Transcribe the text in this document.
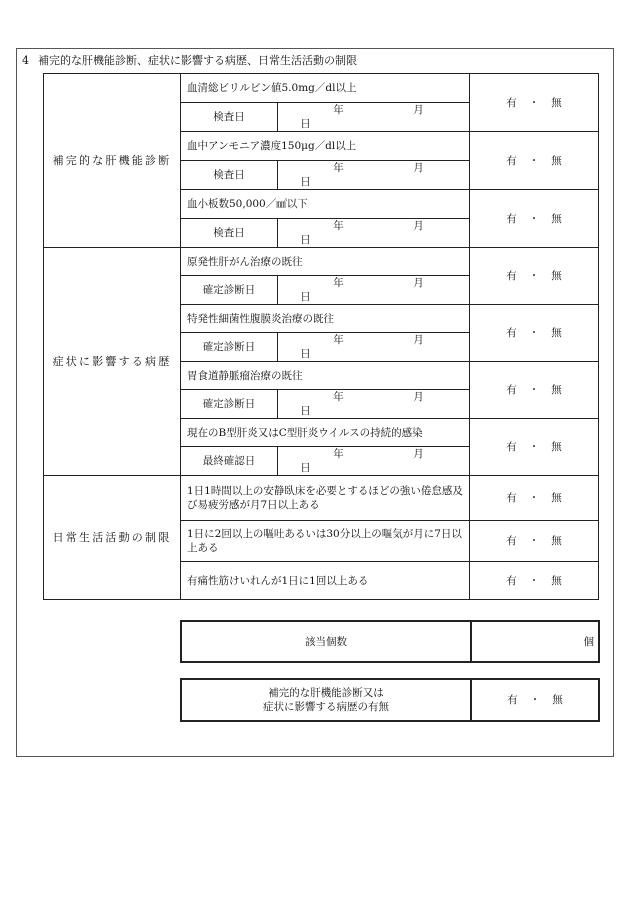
4 補完的な肝機能診断、症状に影響する病歴、日常生活活動の制限
補完的な肝機能診断	血清総ビリルビン値5.0mg／dl以上		有 ・ 無
	検査日	年 月日	
	血中アンモニア濃度150μg／dl以上		有 ・ 無
	検査日	年 月日	
	血小板数50,000／㎣以下		有 ・ 無
	検査日	年 月日	
症状に影響する病歴	原発性肝がん治療の既往		有 ・ 無
	確定診断日	年 月日	
	特発性細菌性腹膜炎治療の既往		有 ・ 無
	確定診断日	年 月日	
	胃食道静脈瘤治療の既往		有 ・ 無
	確定診断日	年 月日	
	現在のB型肝炎又はC型肝炎ウイルスの持続的感染		有 ・ 無
	最終確認日	年 月日	
日常生活活動の制限	1日1時間以上の安静臥床を必要とするほどの強い倦怠感及び易疲労感が月7日以上ある		有 ・ 無
	1日に2回以上の嘔吐あるいは30分以上の嘔気が月に7日以上ある		有 ・ 無
	有痛性筋けいれんが1日に1回以上ある		有 ・ 無
該当個数	個
補完的な肝機能診断又は
症状に影響する病歴の有無
	有 ・ 無
